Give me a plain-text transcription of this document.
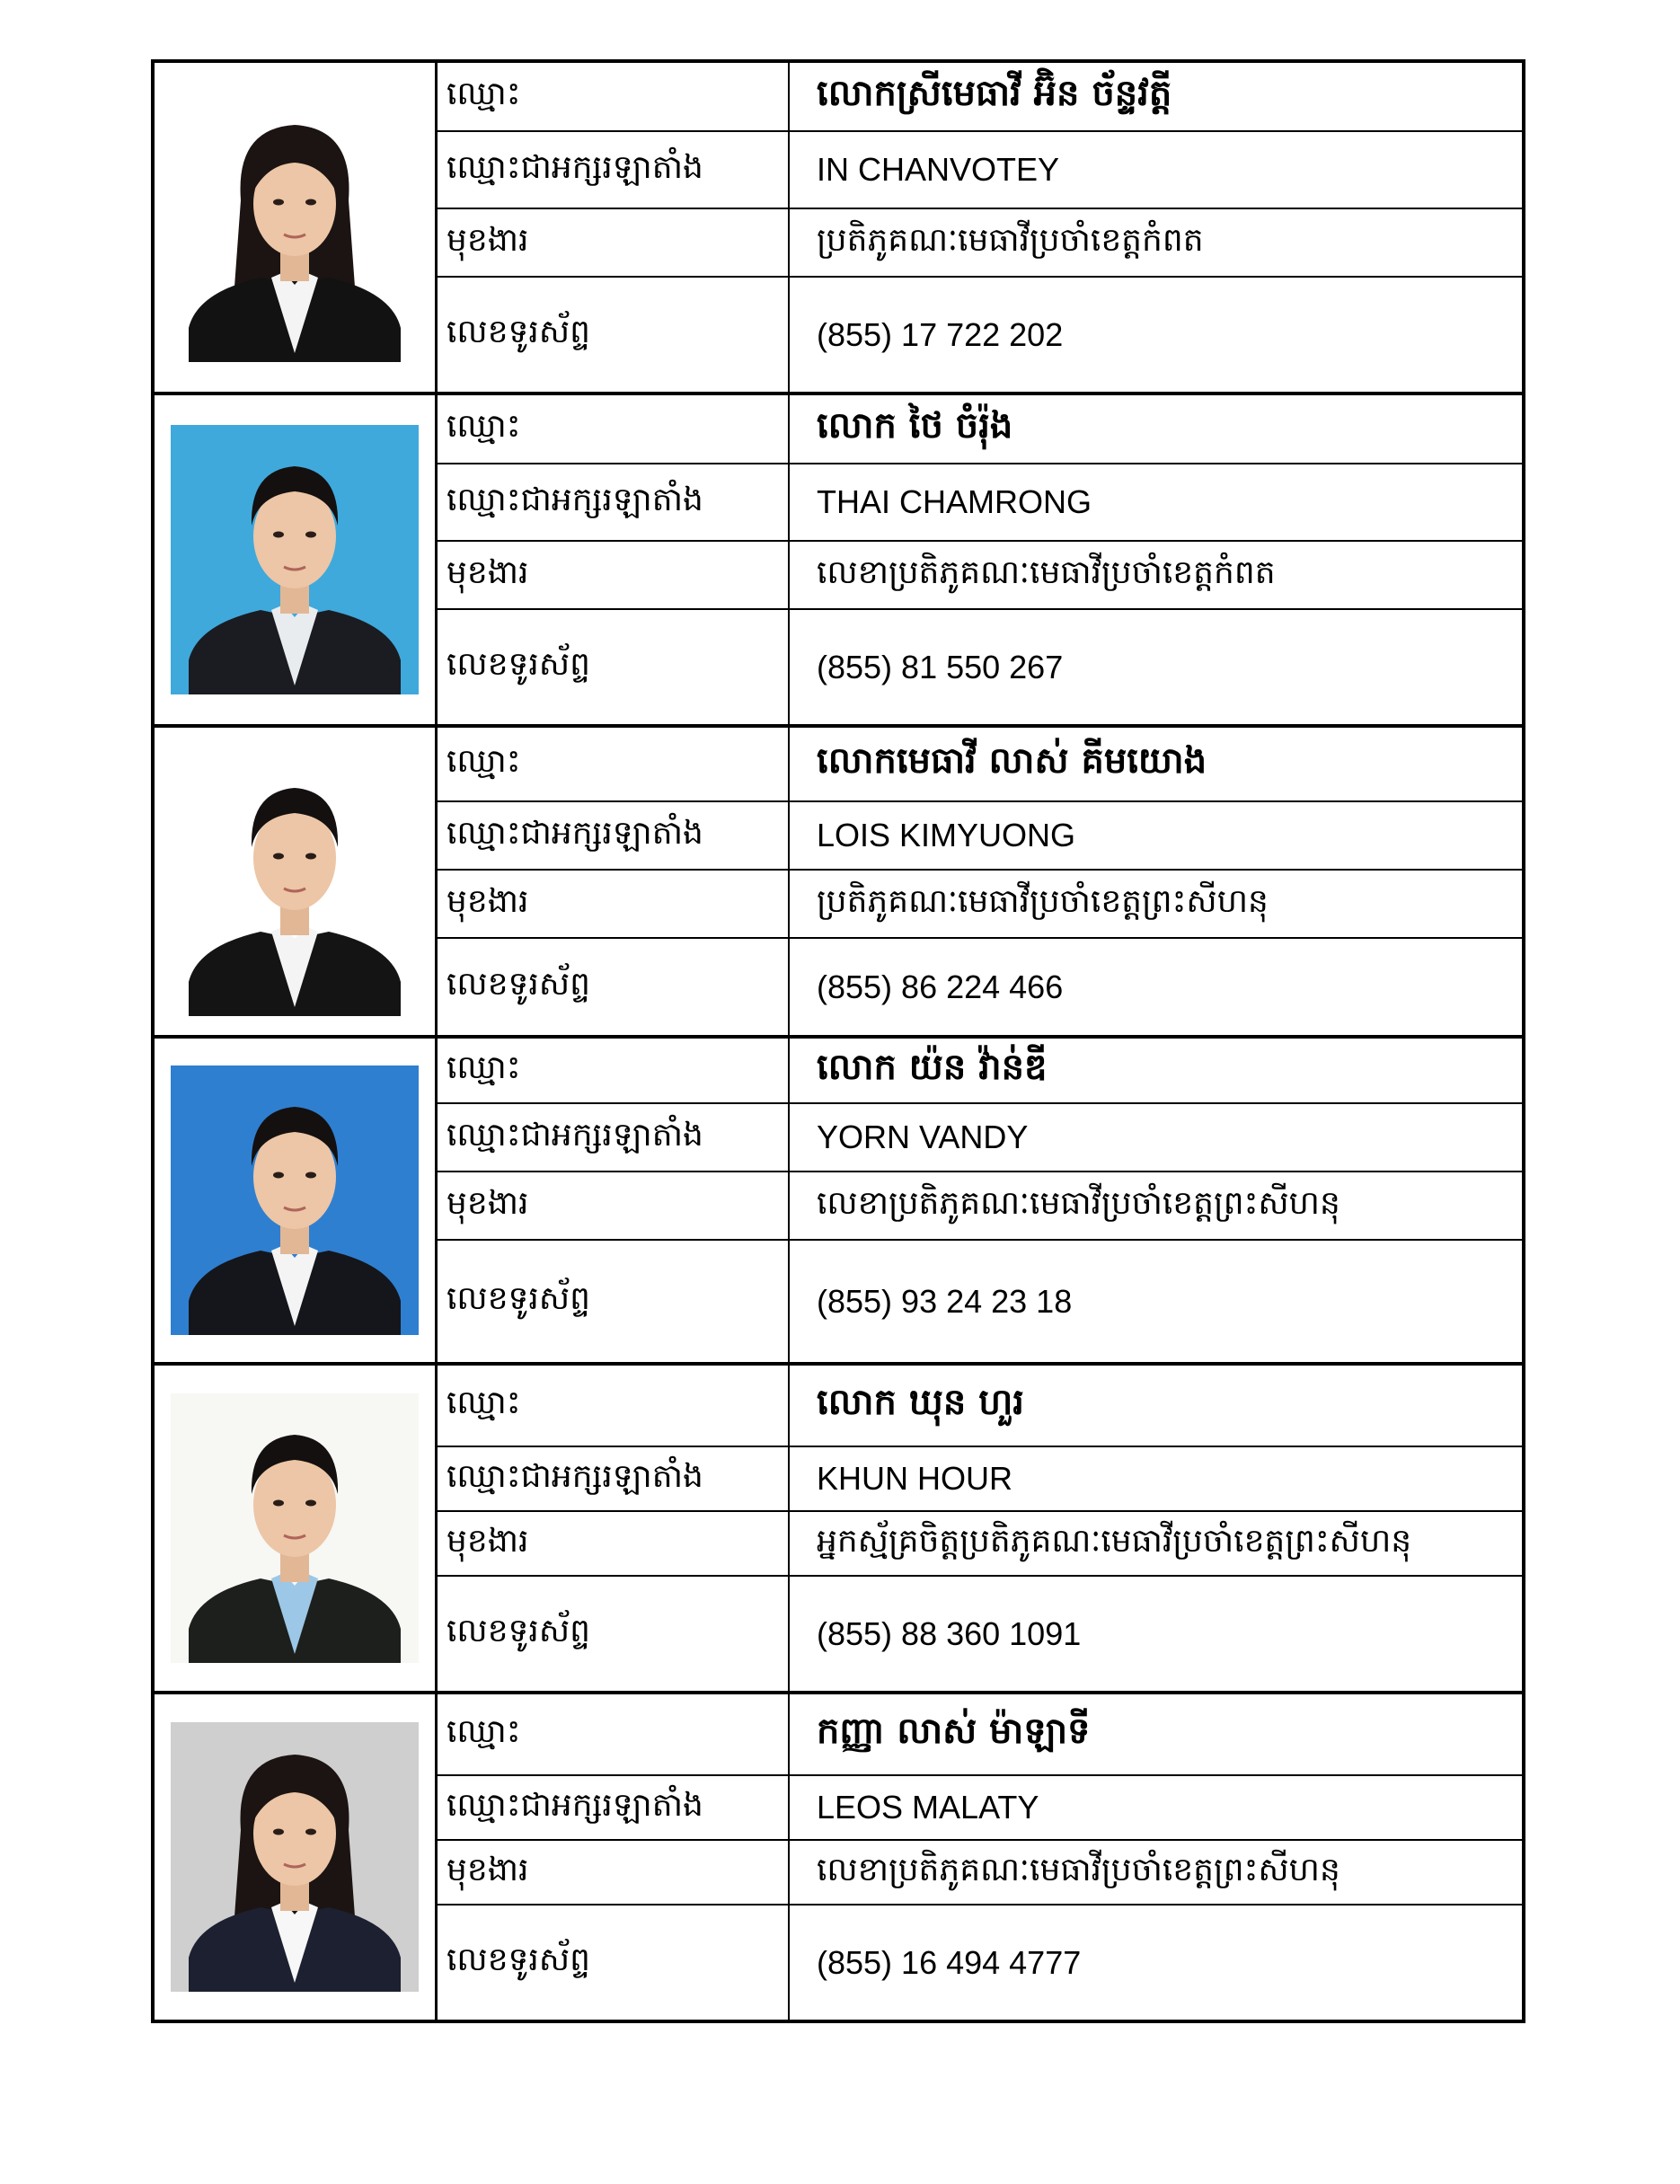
	ឈ្មោះ	លោកស្រីមេធាវី អ៊ិន ច័ន្ទវត្តី
	ឈ្មោះជាអក្សរឡាតាំង	IN CHANVOTEY
	មុខងារ	ប្រតិភូគណៈមេធាវីប្រចាំខេត្តកំពត
	លេខទូរស័ព្ទ	(855) 17 722 202

	ឈ្មោះ	លោក ថៃ ចំរ៉ុង
	ឈ្មោះជាអក្សរឡាតាំង	THAI CHAMRONG
	មុខងារ	លេខាប្រតិភូគណៈមេធាវីប្រចាំខេត្តកំពត
	លេខទូរស័ព្ទ	(855) 81 550 267

	ឈ្មោះ	លោកមេធាវី លាស់ គីមយោង
	ឈ្មោះជាអក្សរឡាតាំង	LOIS KIMYUONG
	មុខងារ	ប្រតិភូគណៈមេធាវីប្រចាំខេត្តព្រះសីហនុ
	លេខទូរស័ព្ទ	(855) 86 224 466

	ឈ្មោះ	លោក យ៉ន វ៉ាន់ឌី
	ឈ្មោះជាអក្សរឡាតាំង	YORN VANDY
	មុខងារ	លេខាប្រតិភូគណៈមេធាវីប្រចាំខេត្តព្រះសីហនុ
	លេខទូរស័ព្ទ	(855) 93 24 23 18

	ឈ្មោះ	លោក ឃុន ហួរ
	ឈ្មោះជាអក្សរឡាតាំង	KHUN HOUR
	មុខងារ	អ្នកស្ម័គ្រចិត្តប្រតិភូគណៈមេធាវីប្រចាំខេត្តព្រះសីហនុ
	លេខទូរស័ព្ទ	(855) 88 360 1091

	ឈ្មោះ	កញ្ញា លាស់ ម៉ាឡាទី
	ឈ្មោះជាអក្សរឡាតាំង	LEOS MALATY
	មុខងារ	លេខាប្រតិភូគណៈមេធាវីប្រចាំខេត្តព្រះសីហនុ
	លេខទូរស័ព្ទ	(855) 16 494 4777
